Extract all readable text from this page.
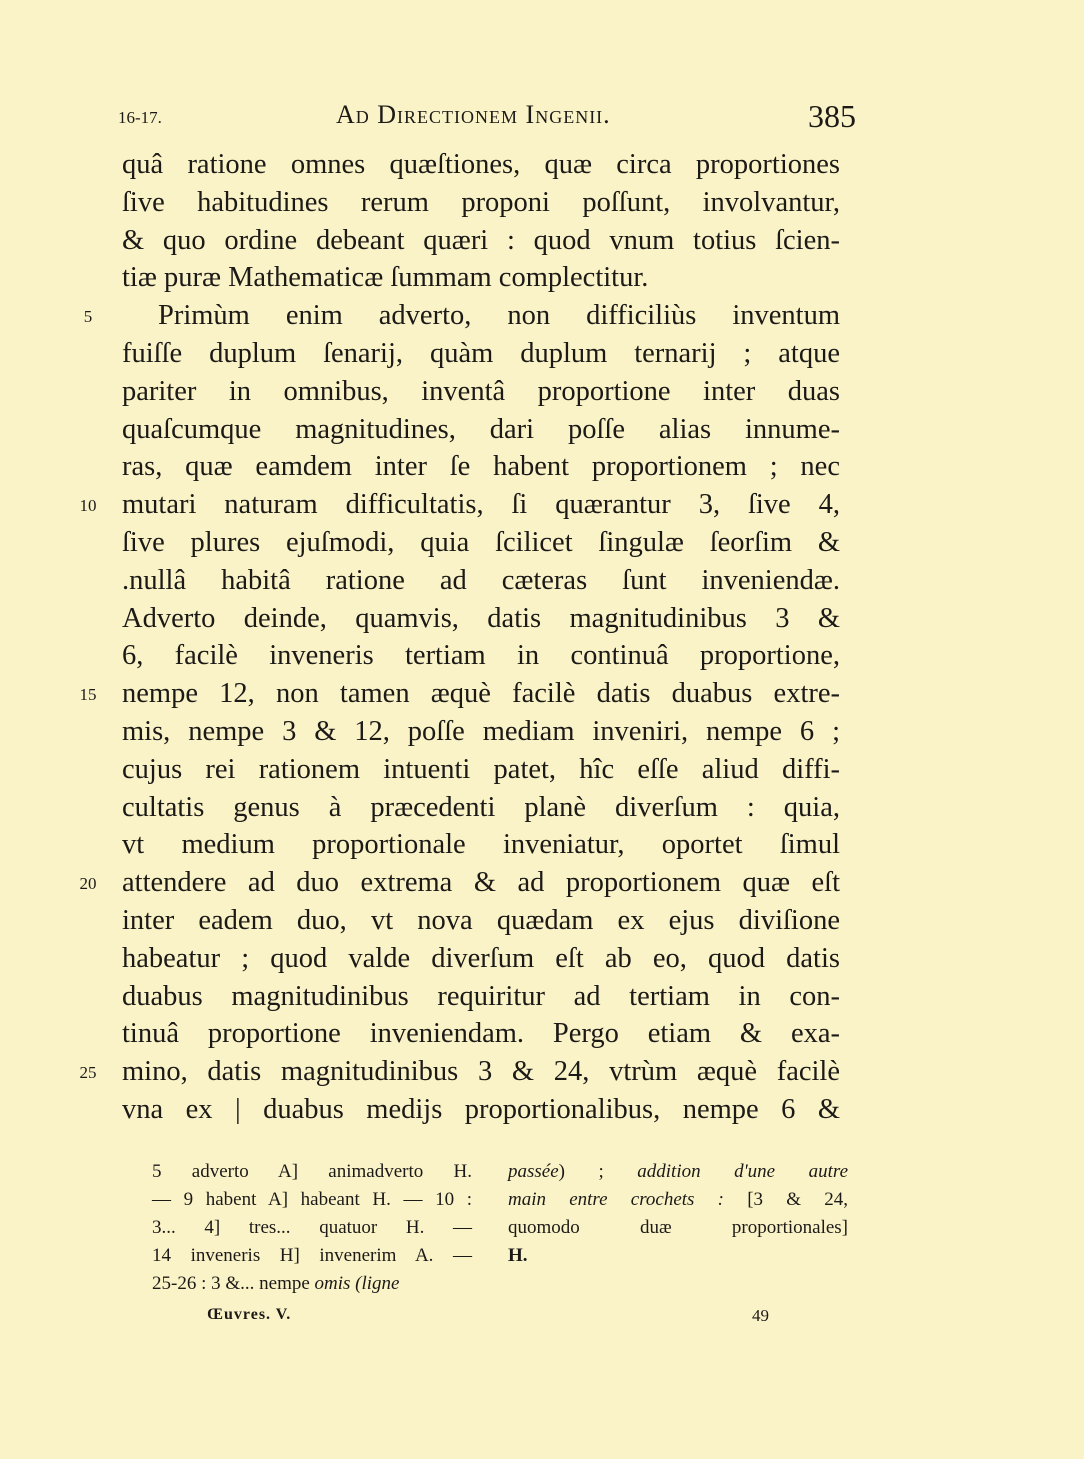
16-17.	Ad Directionem Ingenii.	385
quâ ratione omnes quæſtiones, quæ circa proportiones
ſive habitudines rerum proponi poſſunt, involvantur,
& quo ordine debeant quæri : quod vnum totius ſcien-
tiæ puræ Mathematicæ ſummam complectitur.
Primùm enim adverto, non difficiliùs inventum
5
fuiſſe duplum ſenarij, quàm duplum ternarij ; atque
pariter in omnibus, inventâ proportione inter duas
quaſcumque magnitudines, dari poſſe alias innume-
ras, quæ eamdem inter ſe habent proportionem ; nec
mutari naturam difficultatis, ſi quærantur 3, ſive 4,
10
ſive plures ejuſmodi, quia ſcilicet ſingulæ ſeorſim &
.nullâ habitâ ratione ad cæteras ſunt inveniendæ.
Adverto deinde, quamvis, datis magnitudinibus 3 &
6, facilè inveneris tertiam in continuâ proportione,
nempe 12, non tamen æquè facilè datis duabus extre-
15
mis, nempe 3 & 12, poſſe mediam inveniri, nempe 6 ;
cujus rei rationem intuenti patet, hîc eſſe aliud diffi-
cultatis genus à præcedenti planè diverſum : quia,
vt medium proportionale inveniatur, oportet ſimul
attendere ad duo extrema & ad proportionem quæ eſt
20
inter eadem duo, vt nova quædam ex ejus diviſione
habeatur ; quod valde diverſum eſt ab eo, quod datis
duabus magnitudinibus requiritur ad tertiam in con-
tinuâ proportione inveniendam. Pergo etiam & exa-
mino, datis magnitudinibus 3 & 24, vtrùm æquè facilè
25
vna ex | duabus medijs proportionalibus, nempe 6 &
5 adverto A] animadverto H.
— 9 habent A] habeant H. — 10 :
3... 4] tres... quatuor H. —
14 inveneris H] invenerim A. —
25-26 : 3 &... nempe omis (ligne
passée) ; addition d'une autre
main entre crochets : [3 & 24,
quomodo duæ proportionales]
H.
Œuvres. V.	49
